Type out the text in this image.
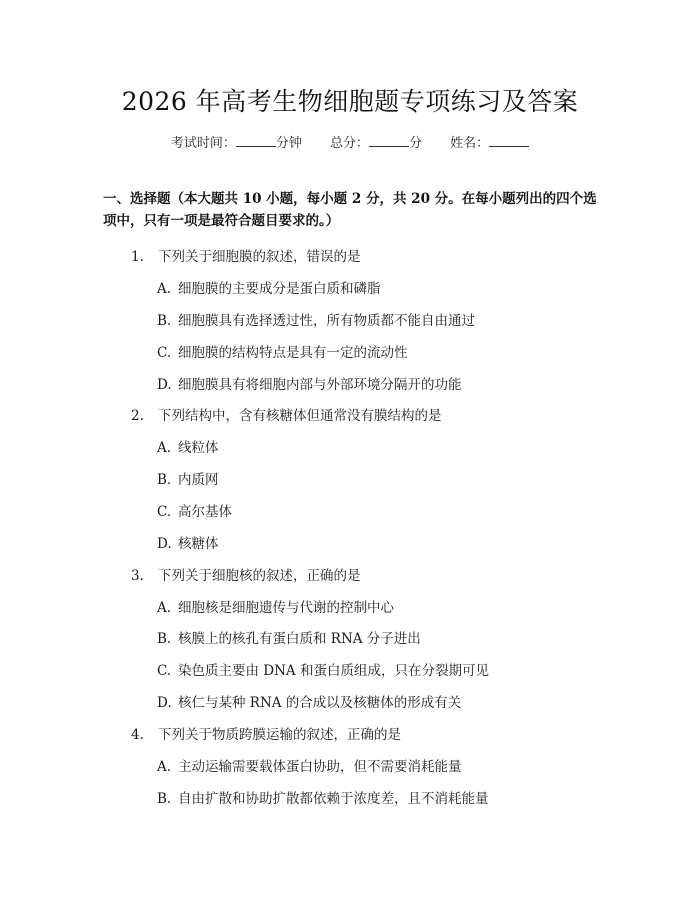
2026 年高考生物细胞题专项练习及答案
考试时间：	分钟 总分：	分 姓名：
一、选择题（本大题共 10 小题，每小题 2 分，共 20 分。在每小题列出的四个选项中，只有一项是最符合题目要求的。）
1. 下列关于细胞膜的叙述，错误的是
A. 细胞膜的主要成分是蛋白质和磷脂
B. 细胞膜具有选择透过性，所有物质都不能自由通过
C. 细胞膜的结构特点是具有一定的流动性
D. 细胞膜具有将细胞内部与外部环境分隔开的功能
2. 下列结构中，含有核糖体但通常没有膜结构的是
A. 线粒体
B. 内质网
C. 高尔基体
D. 核糖体
3. 下列关于细胞核的叙述，正确的是
A. 细胞核是细胞遗传与代谢的控制中心
B. 核膜上的核孔有蛋白质和 RNA 分子进出
C. 染色质主要由 DNA 和蛋白质组成，只在分裂期可见
D. 核仁与某种 RNA 的合成以及核糖体的形成有关
4. 下列关于物质跨膜运输的叙述，正确的是
A. 主动运输需要载体蛋白协助，但不需要消耗能量
B. 自由扩散和协助扩散都依赖于浓度差，且不消耗能量
